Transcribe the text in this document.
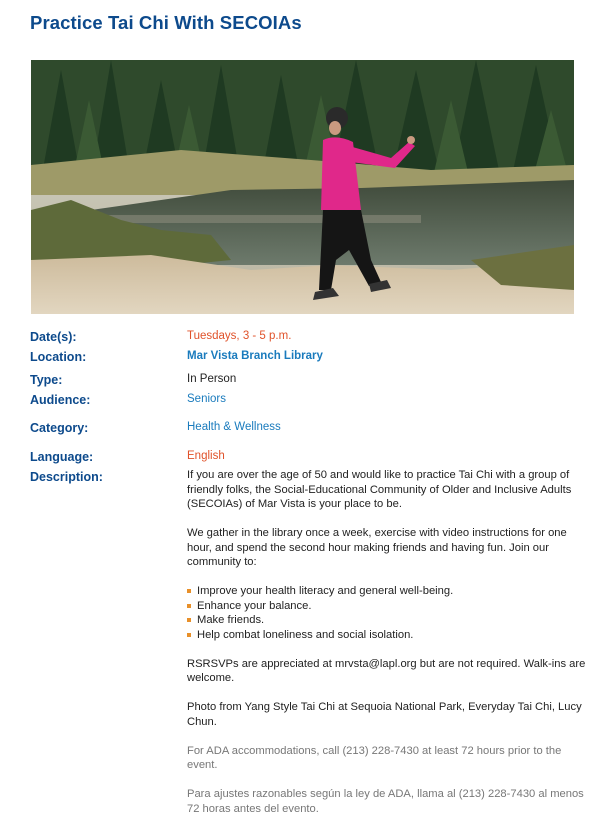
Practice Tai Chi With SECOIAs
Date(s):	Tuesdays, 3 - 5 p.m.
Location:	Mar Vista Branch Library
Type:	In Person
Audience:	Seniors
Category:	Health & Wellness
Language:	English
Description:	If you are over the age of 50 and would like to practice Tai Chi with a group of friendly folks, the Social-Educational Community of Older and Inclusive Adults (SECOIAs) of Mar Vista is your place to be.

We gather in the library once a week, exercise with video instructions for one hour, and spend the second hour making friends and having fun. Join our community to:

Improve your health literacy and general well-being.
Enhance your balance.
Make friends.
Help combat loneliness and social isolation.

RSRSVPs are appreciated at mrvsta@lapl.org but are not required. Walk-ins are welcome.

Photo from Yang Style Tai Chi at Sequoia National Park, Everyday Tai Chi, Lucy Chun.

For ADA accommodations, call (213) 228-7430 at least 72 hours prior to the event.

Para ajustes razonables según la ley de ADA, llama al (213) 228-7430 al menos 72 horas antes del evento.
